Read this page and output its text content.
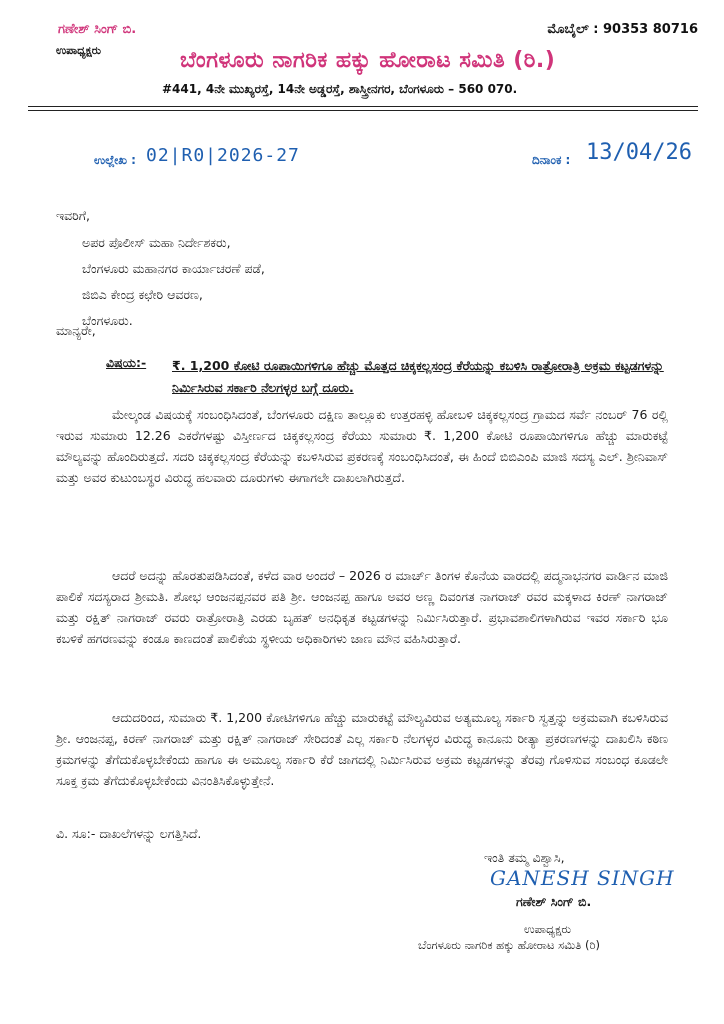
ಗಣೇಶ್ ಸಿಂಗ್ ಬಿ.
ಉಪಾಧ್ಯಕ್ಷರು
ಮೊಬೈಲ್ : 90353 80716
ಬೆಂಗಳೂರು ನಾಗರಿಕ ಹಕ್ಕು ಹೋರಾಟ ಸಮಿತಿ (ರಿ.)
#441, 4ನೇ ಮುಖ್ಯರಸ್ತೆ, 14ನೇ ಅಡ್ಡರಸ್ತೆ, ಶಾಸ್ತ್ರೀನಗರ, ಬೆಂಗಳೂರು – 560 070.
ಉಲ್ಲೇಖ : 02|R0|2026-27	ದಿನಾಂಕ : 13/04/26
ಇವರಿಗೆ,
ಅಪರ ಪೊಲೀಸ್ ಮಹಾ ನಿರ್ದೇಶಕರು,
ಬೆಂಗಳೂರು ಮಹಾನಗರ ಕಾರ್ಯಾಚರಣೆ ಪಡೆ,
ಜಿಬಿಎ ಕೇಂದ್ರ ಕಛೇರಿ ಆವರಣ,
ಬೆಂಗಳೂರು.
ಮಾನ್ಯರೇ,
ವಿಷಯ:- ₹. 1,200 ಕೋಟಿ ರೂಪಾಯಿಗಳಿಗೂ ಹೆಚ್ಚು ಮೊತ್ತದ ಚಿಕ್ಕಕಲ್ಲಸಂದ್ರ ಕೆರೆಯನ್ನು ಕಬಳಿಸಿ ರಾತ್ರೋರಾತ್ರಿ ಅಕ್ರಮ ಕಟ್ಟಡಗಳನ್ನು ನಿರ್ಮಿಸಿರುವ ಸರ್ಕಾರಿ ನೆಲಗಳ್ಳರ ಬಗ್ಗೆ ದೂರು.
ಮೇಲ್ಕಂಡ ವಿಷಯಕ್ಕೆ ಸಂಬಂಧಿಸಿದಂತೆ, ಬೆಂಗಳೂರು ದಕ್ಷಿಣ ತಾಲ್ಲೂಕು ಉತ್ತರಹಳ್ಳಿ ಹೋಬಳಿ ಚಿಕ್ಕಕಲ್ಲಸಂದ್ರ ಗ್ರಾಮದ ಸರ್ವೆ ನಂಬರ್ 76 ರಲ್ಲಿ ಇರುವ ಸುಮಾರು 12.26 ಎಕರೆಗಳಷ್ಟು ವಿಸ್ತೀರ್ಣದ ಚಿಕ್ಕಕಲ್ಲಸಂದ್ರ ಕೆರೆಯು ಸುಮಾರು ₹. 1,200 ಕೋಟಿ ರೂಪಾಯಿಗಳಿಗೂ ಹೆಚ್ಚು ಮಾರುಕಟ್ಟೆ ಮೌಲ್ಯವನ್ನು ಹೊಂದಿರುತ್ತದೆ. ಸದರಿ ಚಿಕ್ಕಕಲ್ಲಸಂದ್ರ ಕೆರೆಯನ್ನು ಕಬಳಿಸಿರುವ ಪ್ರಕರಣಕ್ಕೆ ಸಂಬಂಧಿಸಿದಂತೆ, ಈ ಹಿಂದೆ ಬಿಬಿಎಂಪಿ ಮಾಜಿ ಸದಸ್ಯ ಎಲ್. ಶ್ರೀನಿವಾಸ್ ಮತ್ತು ಅವರ ಕುಟುಂಬಸ್ಥರ ವಿರುದ್ಧ ಹಲವಾರು ದೂರುಗಳು ಈಗಾಗಲೇ ದಾಖಲಾಗಿರುತ್ತದೆ.
ಆದರೆ ಅದನ್ನು ಹೊರತುಪಡಿಸಿದಂತೆ, ಕಳೆದ ವಾರ ಅಂದರೆ – 2026 ರ ಮಾರ್ಚ್ ತಿಂಗಳ ಕೊನೆಯ ವಾರದಲ್ಲಿ ಪದ್ಮನಾಭನಗರ ವಾರ್ಡಿನ ಮಾಜಿ ಪಾಲಿಕೆ ಸದಸ್ಯರಾದ ಶ್ರೀಮತಿ. ಶೋಭ ಆಂಜನಪ್ಪನವರ ಪತಿ ಶ್ರೀ. ಆಂಜನಪ್ಪ ಹಾಗೂ ಅವರ ಅಣ್ಣ ದಿವಂಗತ ನಾಗರಾಜ್ ರವರ ಮಕ್ಕಳಾದ ಕಿರಣ್ ನಾಗರಾಜ್ ಮತ್ತು ರಕ್ಷಿತ್ ನಾಗರಾಜ್ ರವರು ರಾತ್ರೋರಾತ್ರಿ ಎರಡು ಬೃಹತ್ ಅನಧಿಕೃತ ಕಟ್ಟಡಗಳನ್ನು ನಿರ್ಮಿಸಿರುತ್ತಾರೆ. ಪ್ರಭಾವಶಾಲಿಗಳಾಗಿರುವ ಇವರ ಸರ್ಕಾರಿ ಭೂ ಕಬಳಿಕೆ ಹಗರಣವನ್ನು ಕಂಡೂ ಕಾಣದಂತೆ ಪಾಲಿಕೆಯ ಸ್ಥಳೀಯ ಅಧಿಕಾರಿಗಳು ಜಾಣ ಮೌನ ವಹಿಸಿರುತ್ತಾರೆ.
ಆದುದರಿಂದ, ಸುಮಾರು ₹. 1,200 ಕೋಟಿಗಳಿಗೂ ಹೆಚ್ಚು ಮಾರುಕಟ್ಟೆ ಮೌಲ್ಯವಿರುವ ಅತ್ಯಮೂಲ್ಯ ಸರ್ಕಾರಿ ಸ್ವತ್ತನ್ನು ಅಕ್ರಮವಾಗಿ ಕಬಳಿಸಿರುವ ಶ್ರೀ. ಆಂಜನಪ್ಪ, ಕಿರಣ್ ನಾಗರಾಜ್ ಮತ್ತು ರಕ್ಷಿತ್ ನಾಗರಾಜ್ ಸೇರಿದಂತೆ ಎಲ್ಲ ಸರ್ಕಾರಿ ನೆಲಗಳ್ಳರ ವಿರುದ್ಧ ಕಾನೂನು ರೀತ್ಯಾ ಪ್ರಕರಣಗಳನ್ನು ದಾಖಲಿಸಿ ಕಠಿಣ ಕ್ರಮಗಳನ್ನು ತೆಗೆದುಕೊಳ್ಳಬೇಕೆಂದು ಹಾಗೂ ಈ ಅಮೂಲ್ಯ ಸರ್ಕಾರಿ ಕೆರೆ ಜಾಗದಲ್ಲಿ ನಿರ್ಮಿಸಿರುವ ಅಕ್ರಮ ಕಟ್ಟಡಗಳನ್ನು ತೆರವು ಗೊಳಿಸುವ ಸಂಬಂಧ ಕೂಡಲೇ ಸೂಕ್ತ ಕ್ರಮ ತೆಗೆದುಕೊಳ್ಳಬೇಕೆಂದು ವಿನಂತಿಸಿಕೊಳ್ಳುತ್ತೇನೆ.
ವಿ. ಸೂ:- ದಾಖಲೆಗಳನ್ನು ಲಗತ್ತಿಸಿದೆ.
ಇಂತಿ ತಮ್ಮ ವಿಶ್ವಾಸಿ,
GANESH SINGH
ಗಣೇಶ್ ಸಿಂಗ್ ಬಿ.
ಉಪಾಧ್ಯಕ್ಷರು
ಬೆಂಗಳೂರು ನಾಗರಿಕ ಹಕ್ಕು ಹೋರಾಟ ಸಮಿತಿ (ರಿ)
